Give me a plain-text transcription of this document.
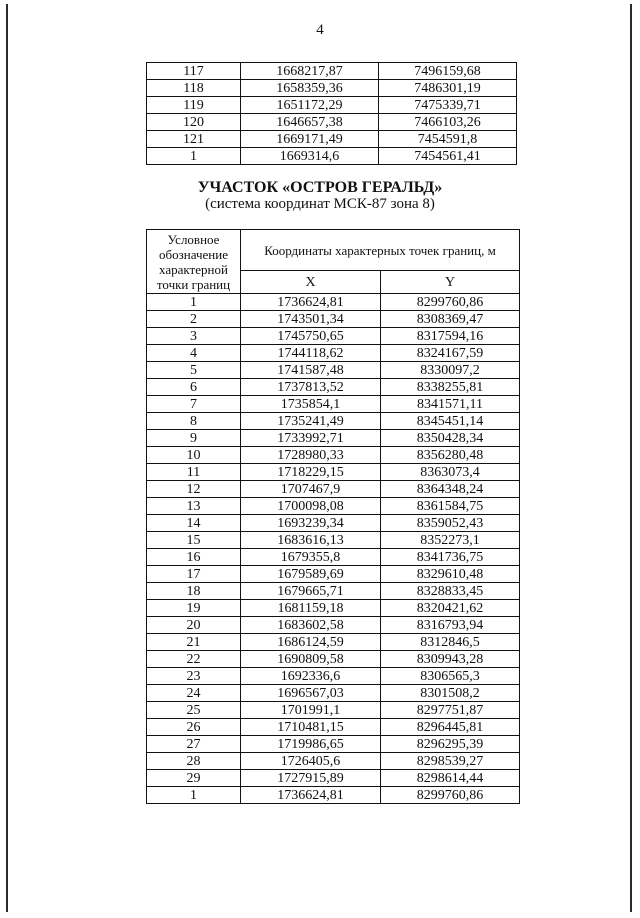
4
117	1668217,87	7496159,68
118	1658359,36	7486301,19
119	1651172,29	7475339,71
120	1646657,38	7466103,26
121	1669171,49	7454591,8
1	1669314,6	7454561,41
УЧАСТОК «ОСТРОВ ГЕРАЛЬД»
(система координат МСК-87 зона 8)
Условное обозначение характерной точки границ	Координаты характерных точек границ, м	
	X	Y
1	1736624,81	8299760,86
2	1743501,34	8308369,47
3	1745750,65	8317594,16
4	1744118,62	8324167,59
5	1741587,48	8330097,2
6	1737813,52	8338255,81
7	1735854,1	8341571,11
8	1735241,49	8345451,14
9	1733992,71	8350428,34
10	1728980,33	8356280,48
11	1718229,15	8363073,4
12	1707467,9	8364348,24
13	1700098,08	8361584,75
14	1693239,34	8359052,43
15	1683616,13	8352273,1
16	1679355,8	8341736,75
17	1679589,69	8329610,48
18	1679665,71	8328833,45
19	1681159,18	8320421,62
20	1683602,58	8316793,94
21	1686124,59	8312846,5
22	1690809,58	8309943,28
23	1692336,6	8306565,3
24	1696567,03	8301508,2
25	1701991,1	8297751,87
26	1710481,15	8296445,81
27	1719986,65	8296295,39
28	1726405,6	8298539,27
29	1727915,89	8298614,44
1	1736624,81	8299760,86
